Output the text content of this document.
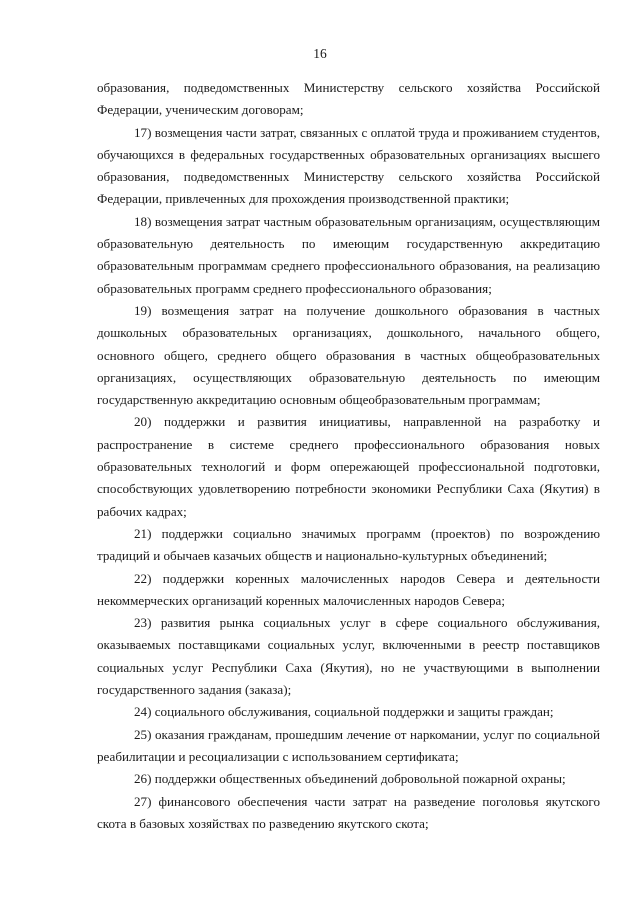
16

образования, подведомственных Министерству сельского хозяйства Российской Федерации, ученическим договорам;

17) возмещения части затрат, связанных с оплатой труда и проживанием студентов, обучающихся в федеральных государственных образовательных организациях высшего образования, подведомственных Министерству сельского хозяйства Российской Федерации, привлеченных для прохождения производственной практики;

18) возмещения затрат частным образовательным организациям, осуществляющим образовательную деятельность по имеющим государственную аккредитацию образовательным программам среднего профессионального образования, на реализацию образовательных программ среднего профессионального образования;

19) возмещения затрат на получение дошкольного образования в частных дошкольных образовательных организациях, дошкольного, начального общего, основного общего, среднего общего образования в частных общеобразовательных организациях, осуществляющих образовательную деятельность по имеющим государственную аккредитацию основным общеобразовательным программам;

20) поддержки и развития инициативы, направленной на разработку и распространение в системе среднего профессионального образования новых образовательных технологий и форм опережающей профессиональной подготовки, способствующих удовлетворению потребности экономики Республики Саха (Якутия) в рабочих кадрах;

21) поддержки социально значимых программ (проектов) по возрождению традиций и обычаев казачьих обществ и национально-культурных объединений;

22) поддержки коренных малочисленных народов Севера и деятельности некоммерческих организаций коренных малочисленных народов Севера;

23) развития рынка социальных услуг в сфере социального обслуживания, оказываемых поставщиками социальных услуг, включенными в реестр поставщиков социальных услуг Республики Саха (Якутия), но не участвующими в выполнении государственного задания (заказа);

24) социального обслуживания, социальной поддержки и защиты граждан;

25) оказания гражданам, прошедшим лечение от наркомании, услуг по социальной реабилитации и ресоциализации с использованием сертификата;

26) поддержки общественных объединений добровольной пожарной охраны;

27) финансового обеспечения части затрат на разведение поголовья якутского скота в базовых хозяйствах по разведению якутского скота;
